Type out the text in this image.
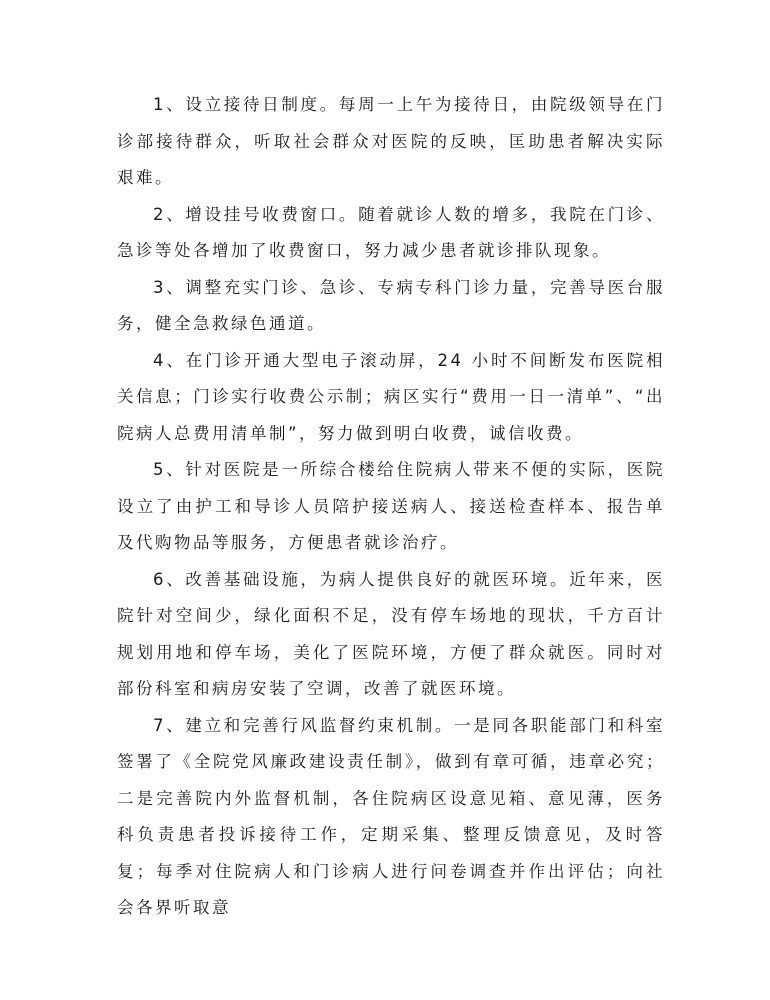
1、设立接待日制度。每周一上午为接待日，由院级领导在门诊部接待群众，听取社会群众对医院的反映，匡助患者解决实际艰难。

2、增设挂号收费窗口。随着就诊人数的增多，我院在门诊、急诊等处各增加了收费窗口，努力减少患者就诊排队现象。

3、调整充实门诊、急诊、专病专科门诊力量，完善导医台服务，健全急救绿色通道。

4、在门诊开通大型电子滚动屏，24 小时不间断发布医院相关信息；门诊实行收费公示制；病区实行“费用一日一清单”、“出院病人总费用清单制”，努力做到明白收费，诚信收费。

5、针对医院是一所综合楼给住院病人带来不便的实际，医院设立了由护工和导诊人员陪护接送病人、接送检查样本、报告单及代购物品等服务，方便患者就诊治疗。

6、改善基础设施，为病人提供良好的就医环境。近年来，医院针对空间少，绿化面积不足，没有停车场地的现状，千方百计规划用地和停车场，美化了医院环境，方便了群众就医。同时对部份科室和病房安装了空调，改善了就医环境。

7、建立和完善行风监督约束机制。一是同各职能部门和科室签署了《全院党风廉政建设责任制》，做到有章可循，违章必究；二是完善院内外监督机制，各住院病区设意见箱、意见薄，医务科负责患者投诉接待工作，定期采集、整理反馈意见，及时答复；每季对住院病人和门诊病人进行问卷调查并作出评估；向社会各界听取意
